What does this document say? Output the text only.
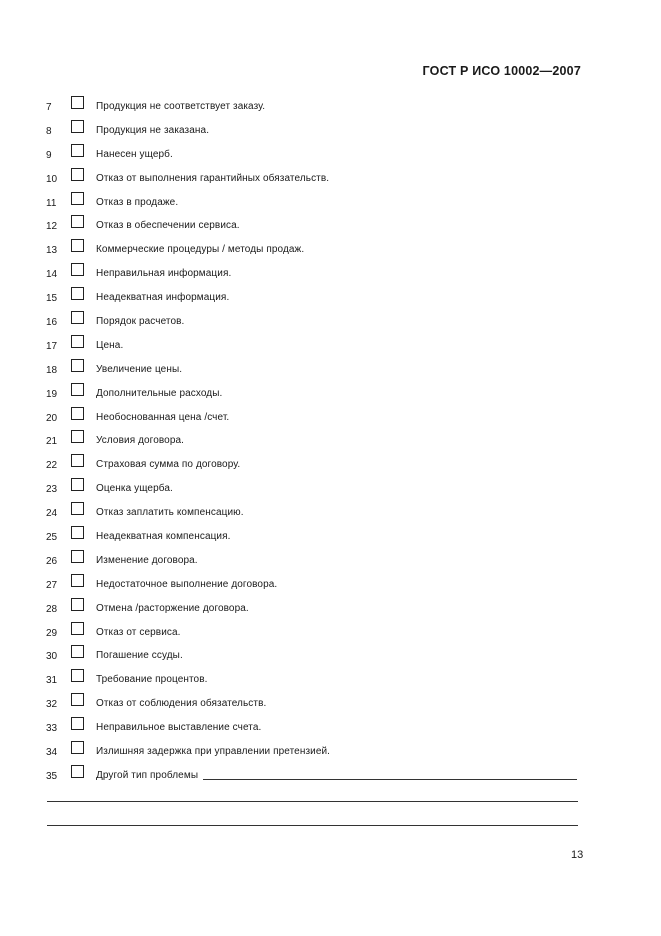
ГОСТ Р ИСО 10002—2007
7	Продукция не соответствует заказу.
8	Продукция не заказана.
9	Нанесен ущерб.
10	Отказ от выполнения гарантийных обязательств.
11	Отказ в продаже.
12	Отказ в обеспечении сервиса.
13	Коммерческие процедуры / методы продаж.
14	Неправильная информация.
15	Неадекватная информация.
16	Порядок расчетов.
17	Цена.
18	Увеличение цены.
19	Дополнительные расходы.
20	Необоснованная цена /счет.
21	Условия договора.
22	Страховая сумма по договору.
23	Оценка ущерба.
24	Отказ заплатить компенсацию.
25	Неадекватная компенсация.
26	Изменение договора.
27	Недостаточное выполнение договора.
28	Отмена /расторжение договора.
29	Отказ от сервиса.
30	Погашение ссуды.
31	Требование процентов.
32	Отказ от соблюдения обязательств.
33	Неправильное выставление счета.
34	Излишняя задержка при управлении претензией.
35	Другой тип проблемы
13
